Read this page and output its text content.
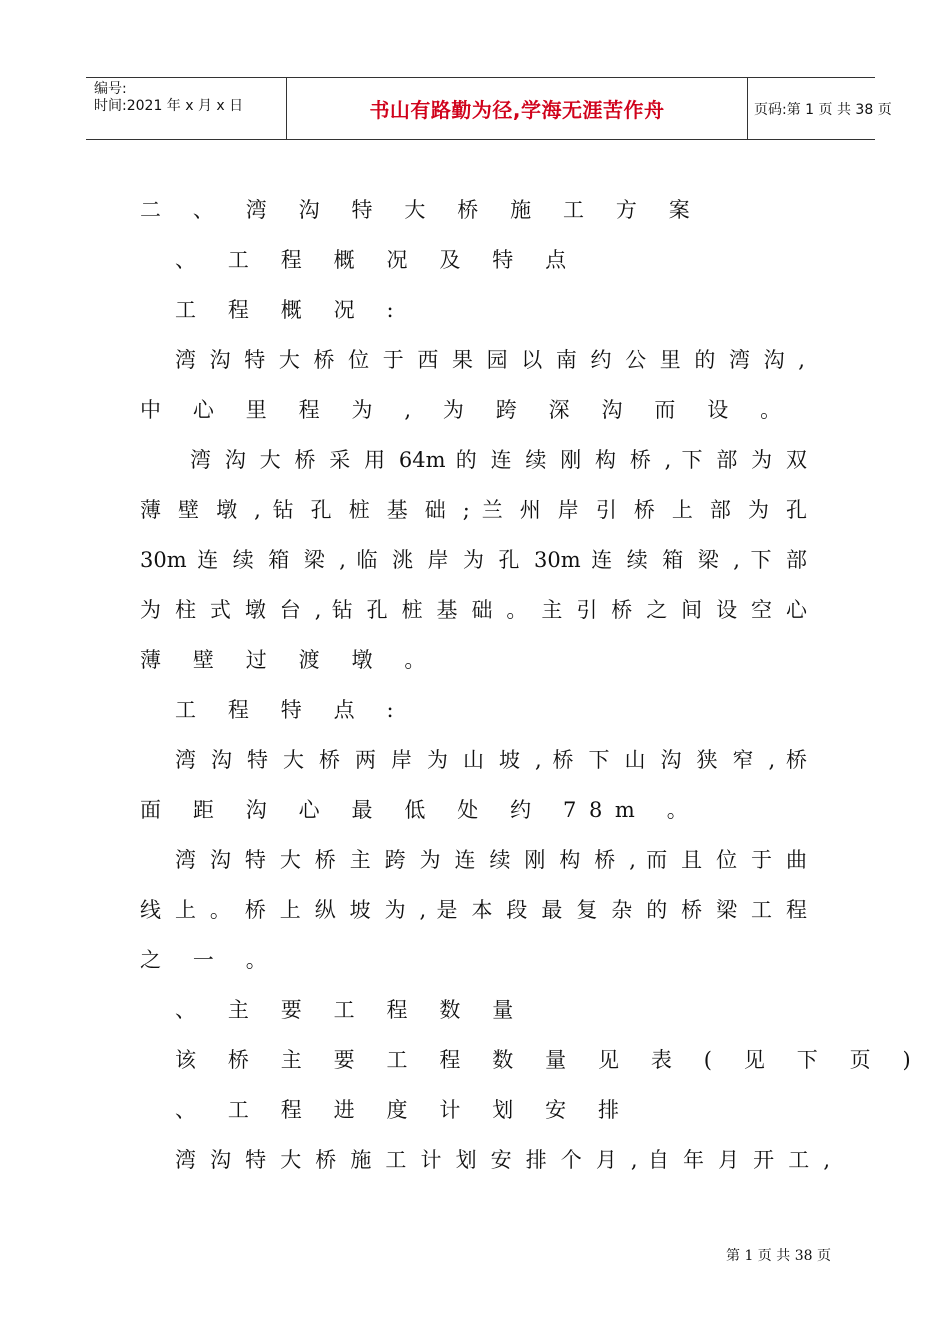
编号:
时间:2021 年 x 月 x 日	书山有路勤为径,学海无涯苦作舟	页码:第 1 页 共 38 页
二 、 湾 沟 特 大 桥 施 工 方 案
、 工 程 概 况 及 特 点
工 程 概 况 :
湾 沟 特 大 桥 位 于 西 果 园 以 南 约 公 里 的 湾 沟 ,
中 心 里 程 为 , 为 跨 深 沟 而 设 。
湾 沟 大 桥 采 用 64m 的 连 续 刚 构 桥 , 下 部 为 双
薄 壁 墩 , 钻 孔 桩 基 础 ; 兰 州 岸 引 桥 上 部 为 孔
30m 连 续 箱 梁 , 临 洮 岸 为 孔 30m 连 续 箱 梁 , 下 部
为 柱 式 墩 台 , 钻 孔 桩 基 础 。 主 引 桥 之 间 设 空 心
薄 壁 过 渡 墩 。
工 程 特 点 :
湾 沟 特 大 桥 两 岸 为 山 坡 , 桥 下 山 沟 狭 窄 , 桥
面 距 沟 心 最 低 处 约 78m 。
湾 沟 特 大 桥 主 跨 为 连 续 刚 构 桥 , 而 且 位 于 曲
线 上 。 桥 上 纵 坡 为 , 是 本 段 最 复 杂 的 桥 梁 工 程
之 一 。
、 主 要 工 程 数 量
该 桥 主 要 工 程 数 量 见 表 ( 见 下 页 )
、 工 程 进 度 计 划 安 排
湾 沟 特 大 桥 施 工 计 划 安 排 个 月 , 自 年 月 开 工 ,
第 1 页 共 38 页
